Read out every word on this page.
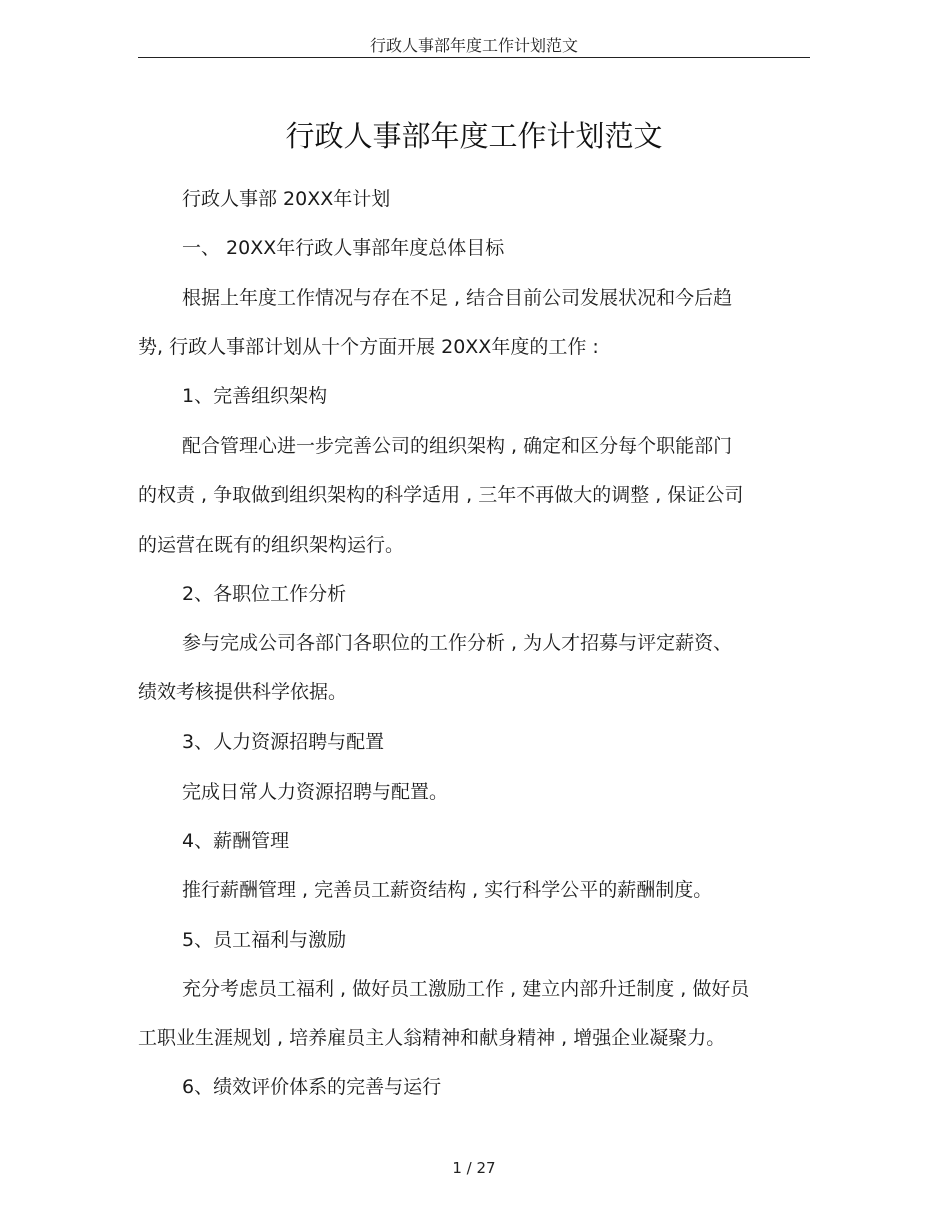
行政人事部年度工作计划范文
行政人事部年度工作计划范文
行政人事部 20XX年计划
一、 20XX年行政人事部年度总体目标
根据上年度工作情况与存在不足 , 结合目前公司发展状况和今后趋
势, 行政人事部计划从十个方面开展 20XX年度的工作 :
1、完善组织架构
配合管理心进一步完善公司的组织架构 , 确定和区分每个职能部门
的权责 , 争取做到组织架构的科学适用 , 三年不再做大的调整 , 保证公司
的运营在既有的组织架构运行。
2、各职位工作分析
参与完成公司各部门各职位的工作分析 , 为人才招募与评定薪资、
绩效考核提供科学依据。
3、人力资源招聘与配置
完成日常人力资源招聘与配置。
4、薪酬管理
推行薪酬管理 , 完善员工薪资结构 , 实行科学公平的薪酬制度。
5、员工福利与激励
充分考虑员工福利 , 做好员工激励工作 , 建立内部升迁制度 , 做好员
工职业生涯规划 , 培养雇员主人翁精神和献身精神 , 增强企业凝聚力。
6、绩效评价体系的完善与运行
1 / 27
